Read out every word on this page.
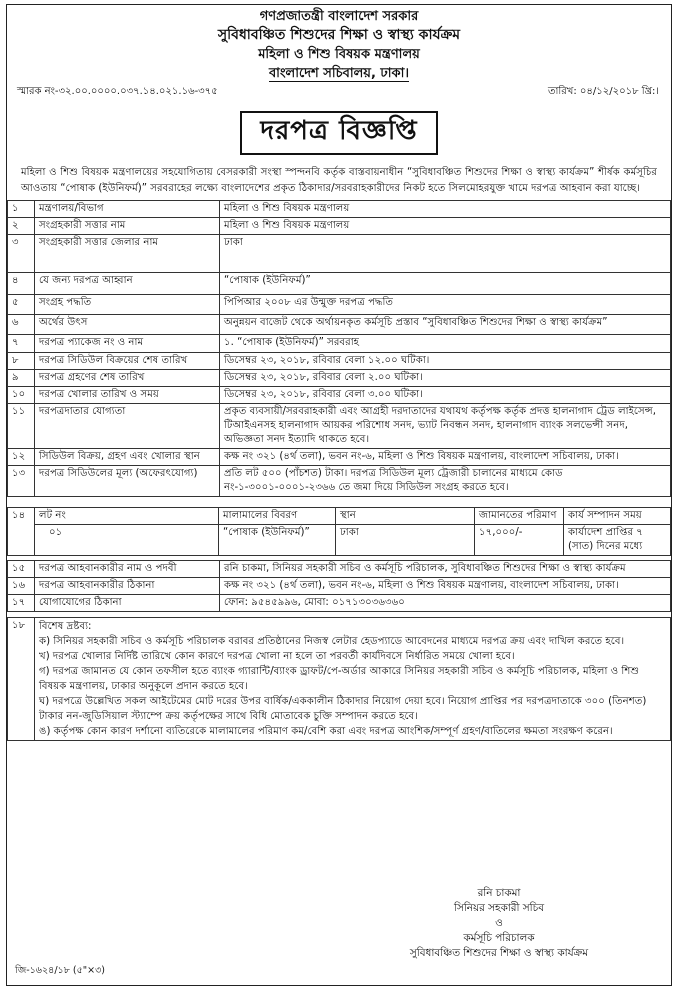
গণপ্রজাতন্ত্রী বাংলাদেশ সরকার
সুবিধাবঞ্চিত শিশুদের শিক্ষা ও স্বাস্থ্য কার্যক্রম
মহিলা ও শিশু বিষয়ক মন্ত্রণালয়
বাংলাদেশ সচিবালয়, ঢাকা।
স্মারক নং-৩২.০০.০০০০.০৩৭.১৪.০২১.১৬-৩৭৫	তারিখ: ০৪/১২/২০১৮ খ্রি:।
দরপত্র বিজ্ঞপ্তি
মহিলা ও শিশু বিষয়ক মন্ত্রণালয়ের সহযোগিতায় বেসরকারী সংস্থা স্পন্দনবি কর্তৃক বাস্তবায়নাধীন “সুবিধাবঞ্চিত শিশুদের শিক্ষা ও স্বাস্থ্য কার্যক্রম” শীর্ষক কর্মসূচির আওতায় “পোষাক (ইউনিফর্ম)” সরবরাহের লক্ষ্যে বাংলাদেশের প্রকৃত ঠিকাদার/সরবরাহকারীদের নিকট হতে সিলমোহরযুক্ত খামে দরপত্র আহবান করা যাচ্ছে।
১	মন্ত্রণালয়/বিভাগ	মহিলা ও শিশু বিষয়ক মন্ত্রণালয়
২	সংগ্রহকারী সত্তার নাম	মহিলা ও শিশু বিষয়ক মন্ত্রণালয়
৩	সংগ্রহকারী সত্তার জেলার নাম	ঢাকা
৪	যে জন্য দরপত্র আহ্বান	“পোষাক (ইউনিফর্ম)”
৫	সংগ্রহ পদ্ধতি	পিপিআর ২০০৮ এর উন্মুক্ত দরপত্র পদ্ধতি
৬	অর্থের উৎস	অনুন্নয়ন বাজেট থেকে অর্থায়নকৃত কর্মসূচি প্রস্তাব “সুবিধাবঞ্চিত শিশুদের শিক্ষা ও স্বাস্থ্য কার্যক্রম”
৭	দরপত্র প্যাকেজ নং ও নাম	১. “পোষাক (ইউনিফর্ম)” সরবরাহ
৮	দরপত্র সিডিউল বিক্রয়ের শেষ তারিখ	ডিসেম্বর ২৩, ২০১৮, রবিবার বেলা ১২.০০ ঘটিকা।
৯	দরপত্র গ্রহণের শেষ তারিখ	ডিসেম্বর ২৩, ২০১৮, রবিবার বেলা ২.০০ ঘটিকা।
১০	দরপত্র খোলার তারিখ ও সময়	ডিসেম্বর ২৩, ২০১৮, রবিবার বেলা ৩.০০ ঘটিকা।
১১	দরপত্রদাতার যোগ্যতা	প্রকৃত ব্যবসায়ী/সরবরাহকারী এবং আগ্রহী দরদাতাদের যথাযথ কর্তৃপক্ষ কর্তৃক প্রদত্ত হালনাগাদ ট্রেড লাইসেন্স, টিআইএনসহ হালনাগাদ আয়কর পরিশোধ সনদ, ভ্যাট নিবন্ধন সনদ, হালনাগাদ ব্যাংক সলভেন্সী সনদ, অভিজ্ঞতা সনদ ইত্যাদি থাকতে হবে।
১২	সিডিউল বিক্রয়, গ্রহণ এবং খোলার স্থান	কক্ষ নং ৩২১ (৪র্থ তলা), ভবন নং-৬, মহিলা ও শিশু বিষয়ক মন্ত্রণালয়, বাংলাদেশ সচিবালয়, ঢাকা।
১৩	দরপত্র সিডিউলের মূল্য (অফেরৎযোগ্য)	প্রতি লট ৫০০ (পাঁচশত) টাকা। দরপত্র সিডিউল মূল্য ট্রেজারী চালানের মাধ্যমে কোড নং-১-৩০০১-০০০১-২৩৬৬ তে জমা দিয়ে সিডিউল সংগ্রহ করতে হবে।
১৪	লট নং	মালামালের বিবরণ	স্থান	জামানতের পরিমাণ	কার্য সম্পাদন সময়
	০১	“পোষাক (ইউনিফর্ম)”	ঢাকা	১৭,০০০/-	কার্যাদেশ প্রাপ্তির ৭ (সাত) দিনের মধ্যে
১৫	দরপত্র আহবানকারীর নাম ও পদবী	রনি চাকমা, সিনিয়র সহকারী সচিব ও কর্মসূচি পরিচালক, সুবিধাবঞ্চিত শিশুদের শিক্ষা ও স্বাস্থ্য কার্যক্রম
১৬	দরপত্র আহবানকারীর ঠিকানা	কক্ষ নং ৩২১ (৪র্থ তলা), ভবন নং-৬, মহিলা ও শিশু বিষয়ক মন্ত্রণালয়, বাংলাদেশ সচিবালয়, ঢাকা।
১৭	যোগাযোগের ঠিকানা	ফোন: ৯৫৪৫৯৯৬, মোবা: ০১৭১৩০৩৬৩৬০
১৮	বিশেষ দ্রষ্টব্য:
ক) সিনিয়র সহকারী সচিব ও কর্মসূচি পরিচালক বরাবর প্রতিষ্ঠানের নিজস্ব লেটার হেডপ্যাডে আবেদনের মাধ্যমে দরপত্র ক্রয় এবং দাখিল করতে হবে।
খ) দরপত্র খোলার নির্দিষ্ট তারিখে কোন কারণে দরপত্র খোলা না হলে তা পরবর্তী কার্যদিবসে নির্ধারিত সময়ে খোলা হবে।
গ) দরপত্র জামানত যে কোন তফসীল হতে ব্যাংক গ্যারান্টি/ব্যাংক ড্রাফট/পে-অর্ডার আকারে সিনিয়র সহকারী সচিব ও কর্মসূচি পরিচালক, মহিলা ও শিশু বিষয়ক মন্ত্রণালয়, ঢাকার অনুকূলে প্রদান করতে হবে।
ঘ) দরপত্রে উল্লেখিত সকল আইটেমের মোট দরের উপর বার্ষিক/এককালীন ঠিকাদার নিয়োগ দেয়া হবে। নিয়োগ প্রাপ্তির পর দরপত্রদাতাকে ৩০০ (তিনশত) টাকার নন-জুডিসিয়াল স্ট্যাম্পে ক্রয় কর্তৃপক্ষের সাথে বিধি মোতাবেক চুক্তি সম্পাদন করতে হবে।
ঙ) কর্তৃপক্ষ কোন কারণ দর্শানো ব্যতিরেকে মালামালের পরিমাণ কম/বেশি করা এবং দরপত্র আংশিক/সম্পূর্ণ গ্রহণ/বাতিলের ক্ষমতা সংরক্ষণ করেন।
রনি চাকমা
সিনিয়র সহকারী সচিব
ও
কর্মসূচি পরিচালক
সুবিধাবঞ্চিত শিশুদের শিক্ষা ও স্বাস্থ্য কার্যক্রম
জি-১৬২৪/১৮ (৫"×৩)
